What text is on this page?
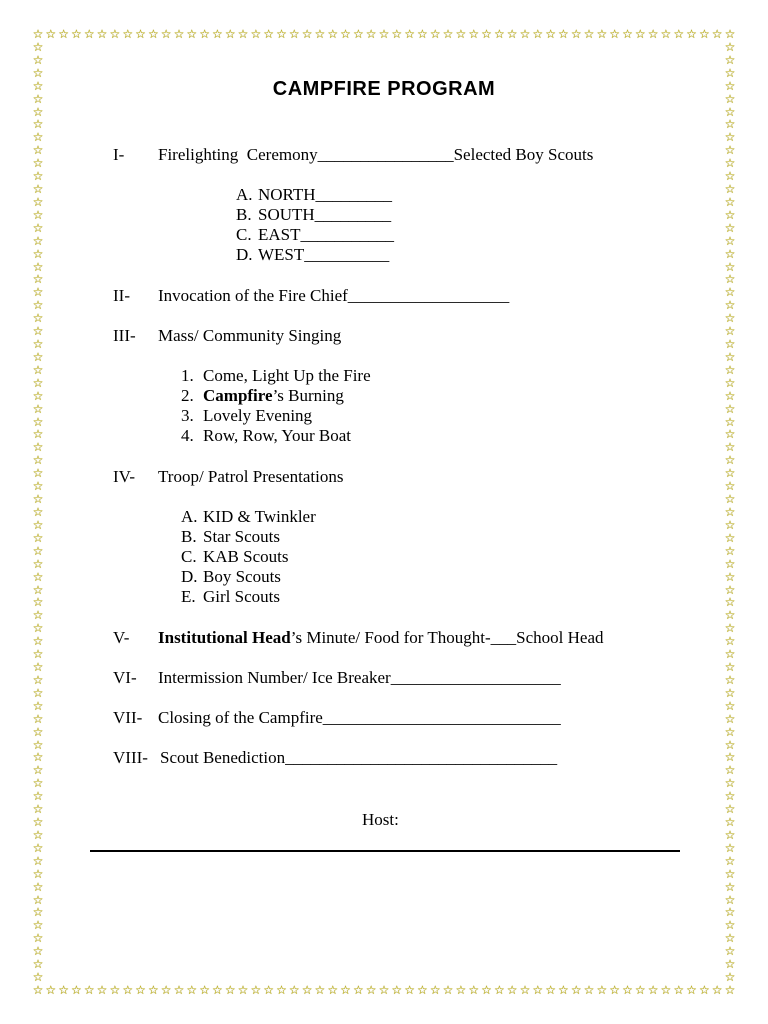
☆
☆
☆
☆
☆
☆
☆
☆
☆
☆
☆
☆
☆
☆
☆
☆
☆
☆
☆
☆
☆
☆
☆
☆
☆
☆
☆
☆
☆
☆
☆
☆
☆
☆
☆
☆
☆
☆
☆
☆
☆
☆
☆
☆
☆
☆
☆
☆
☆
☆
☆
☆
☆
☆
☆
☆
☆
☆
☆
☆
☆
☆
☆
☆
☆
☆
☆
☆
☆
☆
☆
☆
☆
☆
☆
☆
☆
☆
☆
☆
☆
☆
☆
☆
☆
☆
☆
☆
☆
☆
☆
☆
☆
☆
☆
☆
☆
☆
☆
☆
☆
☆
☆
☆
☆
☆
☆
☆
☆
☆
☆	☆
☆	☆
☆	☆
☆	☆
☆	☆
☆	☆
☆	☆
☆	☆
☆	☆
☆	☆
☆	☆
☆	☆
☆	☆
☆	☆
☆	☆
☆	☆
☆	☆
☆	☆
☆	☆
☆	☆
☆	☆
☆	☆
☆	☆
☆	☆
☆	☆
☆	☆
☆	☆
☆	☆
☆	☆
☆	☆
☆	☆
☆	☆
☆	☆
☆	☆
☆	☆
☆	☆
☆	☆
☆	☆
☆	☆
☆	☆
☆	☆
☆	☆
☆	☆
☆	☆
☆	☆
☆	☆
☆	☆
☆	☆
☆	☆
☆	☆
☆	☆
☆	☆
☆	☆
☆	☆
☆	☆
☆	☆
☆	☆
☆	☆
☆	☆
☆	☆
☆	☆
☆	☆
☆	☆
☆	☆
☆	☆
☆	☆
☆	☆
☆	☆
☆	☆
☆	☆
☆	☆
☆	☆
☆	☆
CAMPFIRE PROGRAM
I- Firelighting  Ceremony________________Selected Boy Scouts
A. NORTH_________
B. SOUTH_________
C. EAST___________
D. WEST__________
II- Invocation of the Fire Chief___________________
III- Mass/ Community Singing
1. Come, Light Up the Fire
2. Campfire’s Burning
3. Lovely Evening
4. Row, Row, Your Boat
IV- Troop/ Patrol Presentations
A. KID & Twinkler
B. Star Scouts
C. KAB Scouts
D. Boy Scouts
E. Girl Scouts
V- Institutional Head’s Minute/ Food for Thought-___School Head
VI- Intermission Number/ Ice Breaker____________________
VII- Closing of the Campfire____________________________
VIII- Scout Benediction________________________________
Host:
